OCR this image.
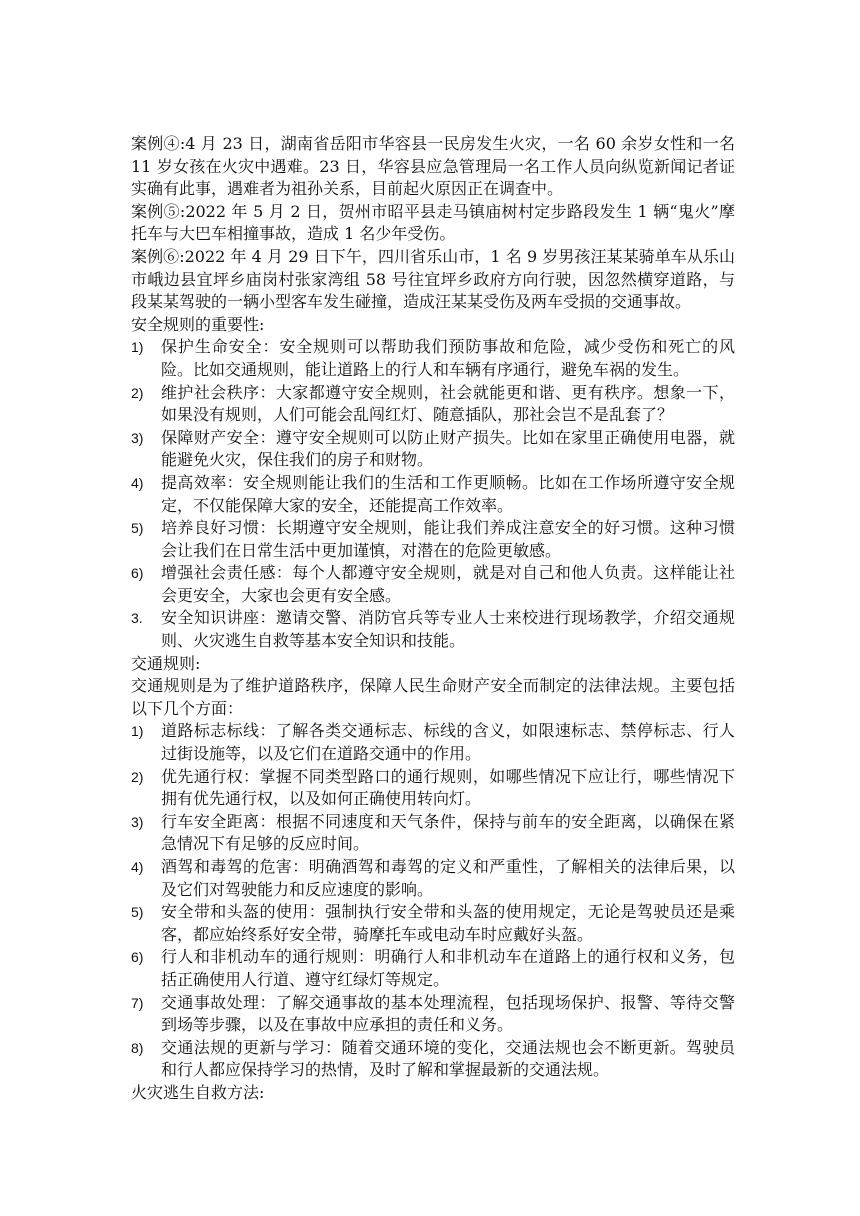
案例④:4 月 23 日，湖南省岳阳市华容县一民房发生火灾，一名 60 余岁女性和一名 11 岁女孩在火灾中遇难。23 日，华容县应急管理局一名工作人员向纵览新闻记者证实确有此事，遇难者为祖孙关系，目前起火原因正在调查中。

案例⑤:2022 年 5 月 2 日，贺州市昭平县走马镇庙树村定步路段发生 1 辆“鬼火”摩托车与大巴车相撞事故，造成 1 名少年受伤。

案例⑥:2022 年 4 月 29 日下午，四川省乐山市，1 名 9 岁男孩汪某某骑单车从乐山市峨边县宜坪乡庙岗村张家湾组 58 号往宜坪乡政府方向行驶，因忽然横穿道路，与段某某驾驶的一辆小型客车发生碰撞，造成汪某某受伤及两车受损的交通事故。

安全规则的重要性:

1)	保护生命安全：安全规则可以帮助我们预防事故和危险，减少受伤和死亡的风险。比如交通规则，能让道路上的行人和车辆有序通行，避免车祸的发生。
2)	维护社会秩序：大家都遵守安全规则，社会就能更和谐、更有秩序。想象一下，如果没有规则，人们可能会乱闯红灯、随意插队，那社会岂不是乱套了？
3)	保障财产安全：遵守安全规则可以防止财产损失。比如在家里正确使用电器，就能避免火灾，保住我们的房子和财物。
4)	提高效率：安全规则能让我们的生活和工作更顺畅。比如在工作场所遵守安全规定，不仅能保障大家的安全，还能提高工作效率。
5)	培养良好习惯：长期遵守安全规则，能让我们养成注意安全的好习惯。这种习惯会让我们在日常生活中更加谨慎，对潜在的危险更敏感。
6)	增强社会责任感：每个人都遵守安全规则，就是对自己和他人负责。这样能让社会更安全，大家也会更有安全感。
3.	安全知识讲座：邀请交警、消防官兵等专业人士来校进行现场教学，介绍交通规则、火灾逃生自救等基本安全知识和技能。

交通规则:

交通规则是为了维护道路秩序，保障人民生命财产安全而制定的法律法规。主要包括以下几个方面：

1)	道路标志标线：了解各类交通标志、标线的含义，如限速标志、禁停标志、行人过街设施等，以及它们在道路交通中的作用。
2)	优先通行权：掌握不同类型路口的通行规则，如哪些情况下应让行，哪些情况下拥有优先通行权，以及如何正确使用转向灯。
3)	行车安全距离：根据不同速度和天气条件，保持与前车的安全距离，以确保在紧急情况下有足够的反应时间。
4)	酒驾和毒驾的危害：明确酒驾和毒驾的定义和严重性，了解相关的法律后果，以及它们对驾驶能力和反应速度的影响。
5)	安全带和头盔的使用：强制执行安全带和头盔的使用规定，无论是驾驶员还是乘客，都应始终系好安全带，骑摩托车或电动车时应戴好头盔。
6)	行人和非机动车的通行规则：明确行人和非机动车在道路上的通行权和义务，包括正确使用人行道、遵守红绿灯等规定。
7)	交通事故处理：了解交通事故的基本处理流程，包括现场保护、报警、等待交警到场等步骤，以及在事故中应承担的责任和义务。
8)	交通法规的更新与学习：随着交通环境的变化，交通法规也会不断更新。驾驶员和行人都应保持学习的热情，及时了解和掌握最新的交通法规。

火灾逃生自救方法:
